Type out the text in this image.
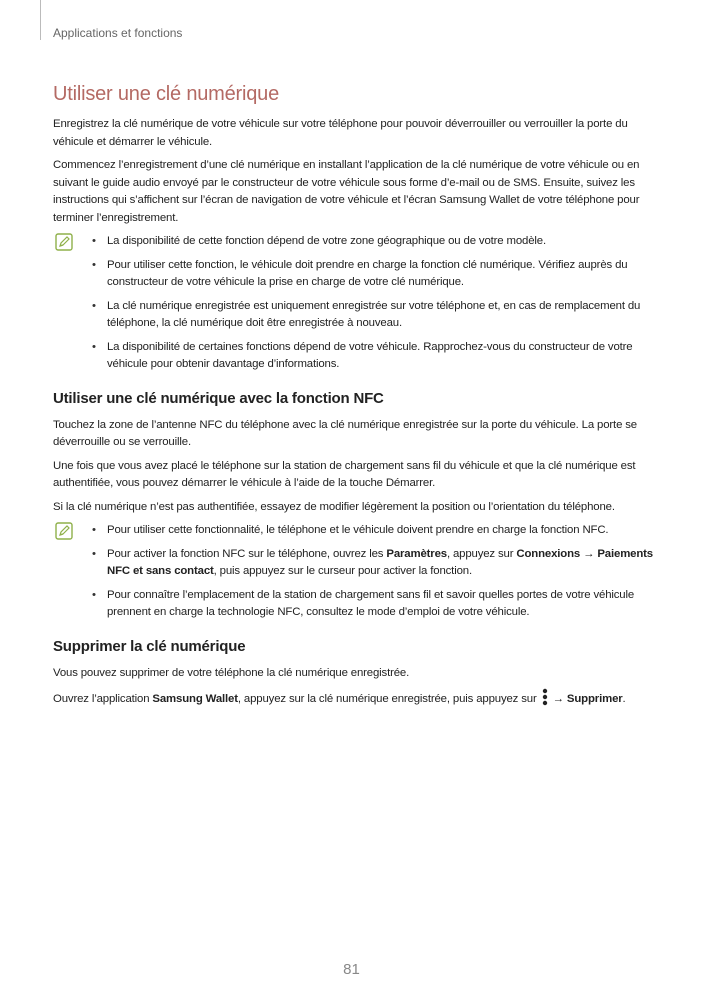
Applications et fonctions
Utiliser une clé numérique

Enregistrez la clé numérique de votre véhicule sur votre téléphone pour pouvoir déverrouiller ou verrouiller la porte du véhicule et démarrer le véhicule.

Commencez l’enregistrement d’une clé numérique en installant l’application de la clé numérique de votre véhicule ou en suivant le guide audio envoyé par le constructeur de votre véhicule sous forme d’e-mail ou de SMS. Ensuite, suivez les instructions qui s’affichent sur l’écran de navigation de votre véhicule et l’écran Samsung Wallet de votre téléphone pour terminer l’enregistrement.

• La disponibilité de cette fonction dépend de votre zone géographique ou de votre modèle.
• Pour utiliser cette fonction, le véhicule doit prendre en charge la fonction clé numérique. Vérifiez auprès du constructeur de votre véhicule la prise en charge de votre clé numérique.
• La clé numérique enregistrée est uniquement enregistrée sur votre téléphone et, en cas de remplacement du téléphone, la clé numérique doit être enregistrée à nouveau.
• La disponibilité de certaines fonctions dépend de votre véhicule. Rapprochez-vous du constructeur de votre véhicule pour obtenir davantage d’informations.
Utiliser une clé numérique avec la fonction NFC

Touchez la zone de l’antenne NFC du téléphone avec la clé numérique enregistrée sur la porte du véhicule. La porte se déverrouille ou se verrouille.

Une fois que vous avez placé le téléphone sur la station de chargement sans fil du véhicule et que la clé numérique est authentifiée, vous pouvez démarrer le véhicule à l’aide de la touche Démarrer.

Si la clé numérique n’est pas authentifiée, essayez de modifier légèrement la position ou l’orientation du téléphone.

• Pour utiliser cette fonctionnalité, le téléphone et le véhicule doivent prendre en charge la fonction NFC.
• Pour activer la fonction NFC sur le téléphone, ouvrez les Paramètres, appuyez sur Connexions → Paiements NFC et sans contact, puis appuyez sur le curseur pour activer la fonction.
• Pour connaître l’emplacement de la station de chargement sans fil et savoir quelles portes de votre véhicule prennent en charge la technologie NFC, consultez le mode d’emploi de votre véhicule.
Supprimer la clé numérique

Vous pouvez supprimer de votre téléphone la clé numérique enregistrée.

Ouvrez l’application Samsung Wallet, appuyez sur la clé numérique enregistrée, puis appuyez sur  → Supprimer.

81
